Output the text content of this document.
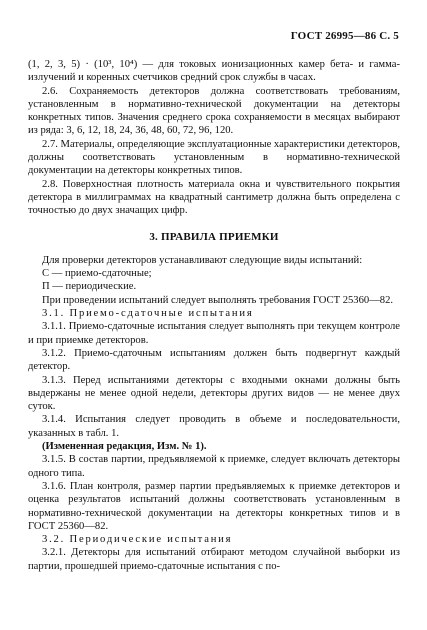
ГОСТ 26995—86 С. 5

(1, 2, 3, 5) · (10³, 10⁴) — для токовых ионизационных камер бета- и гамма-излучений и коренных счетчиков средний срок службы в часах.

2.6. Сохраняемость детекторов должна соответствовать требованиям, установленным в нормативно-технической документации на детекторы конкретных типов. Значения среднего срока сохраняемости в месяцах выбирают из ряда: 3, 6, 12, 18, 24, 36, 48, 60, 72, 96, 120.

2.7. Материалы, определяющие эксплуатационные характеристики детекторов, должны соответствовать установленным в нормативно-технической документации на детекторы конкретных типов.

2.8. Поверхностная плотность материала окна и чувствительного покрытия детектора в миллиграммах на квадратный сантиметр должна быть определена с точностью до двух значащих цифр.

3. ПРАВИЛА ПРИЕМКИ

Для проверки детекторов устанавливают следующие виды испытаний:

С — приемо-сдаточные;

П — периодические.

При проведении испытаний следует выполнять требования ГОСТ 25360—82.

3.1. Приемо-сдаточные испытания

3.1.1. Приемо-сдаточные испытания следует выполнять при текущем контроле и при приемке детекторов.

3.1.2. Приемо-сдаточным испытаниям должен быть подвергнут каждый детектор.

3.1.3. Перед испытаниями детекторы с входными окнами должны быть выдержаны не менее одной недели, детекторы других видов — не менее двух суток.

3.1.4. Испытания следует проводить в объеме и последовательности, указанных в табл. 1.

(Измененная редакция, Изм. № 1).

3.1.5. В состав партии, предъявляемой к приемке, следует включать детекторы одного типа.

3.1.6. План контроля, размер партии предъявляемых к приемке детекторов и оценка результатов испытаний должны соответствовать установленным в нормативно-технической документации на детекторы конкретных типов и в ГОСТ 25360—82.

3.2. Периодические испытания

3.2.1. Детекторы для испытаний отбирают методом случайной выборки из партии, прошедшей приемо-сдаточные испытания с по-
